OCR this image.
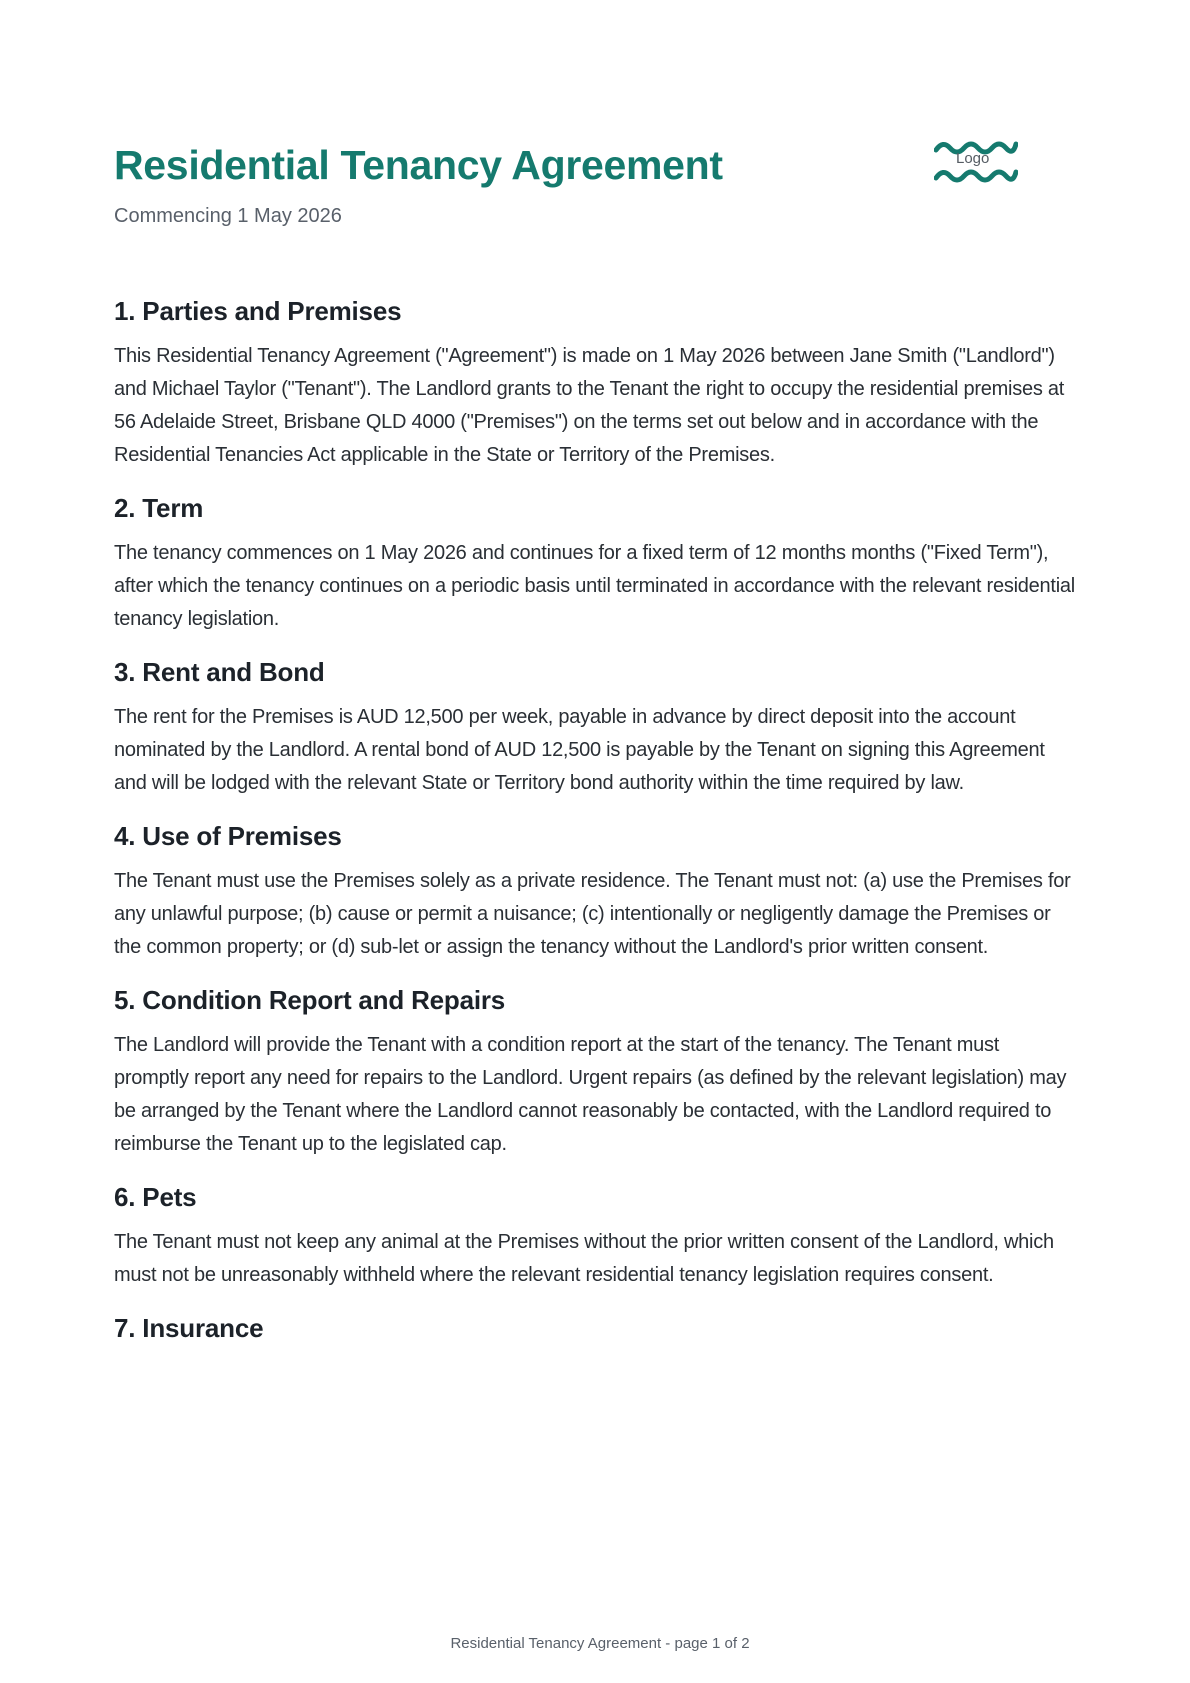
Residential Tenancy Agreement
Commencing 1 May 2026
Logo
1. Parties and Premises

This Residential Tenancy Agreement ("Agreement") is made on 1 May 2026 between Jane Smith ("Landlord") and Michael Taylor ("Tenant"). The Landlord grants to the Tenant the right to occupy the residential premises at 56 Adelaide Street, Brisbane QLD 4000 ("Premises") on the terms set out below and in accordance with the Residential Tenancies Act applicable in the State or Territory of the Premises.

2. Term

The tenancy commences on 1 May 2026 and continues for a fixed term of 12 months months ("Fixed Term"), after which the tenancy continues on a periodic basis until terminated in accordance with the relevant residential tenancy legislation.

3. Rent and Bond

The rent for the Premises is AUD 12,500 per week, payable in advance by direct deposit into the account nominated by the Landlord. A rental bond of AUD 12,500 is payable by the Tenant on signing this Agreement and will be lodged with the relevant State or Territory bond authority within the time required by law.

4. Use of Premises

The Tenant must use the Premises solely as a private residence. The Tenant must not: (a) use the Premises for any unlawful purpose; (b) cause or permit a nuisance; (c) intentionally or negligently damage the Premises or the common property; or (d) sub-let or assign the tenancy without the Landlord's prior written consent.

5. Condition Report and Repairs

The Landlord will provide the Tenant with a condition report at the start of the tenancy. The Tenant must promptly report any need for repairs to the Landlord. Urgent repairs (as defined by the relevant legislation) may be arranged by the Tenant where the Landlord cannot reasonably be contacted, with the Landlord required to reimburse the Tenant up to the legislated cap.

6. Pets

The Tenant must not keep any animal at the Premises without the prior written consent of the Landlord, which must not be unreasonably withheld where the relevant residential tenancy legislation requires consent.

7. Insurance
Residential Tenancy Agreement - page 1 of 2
